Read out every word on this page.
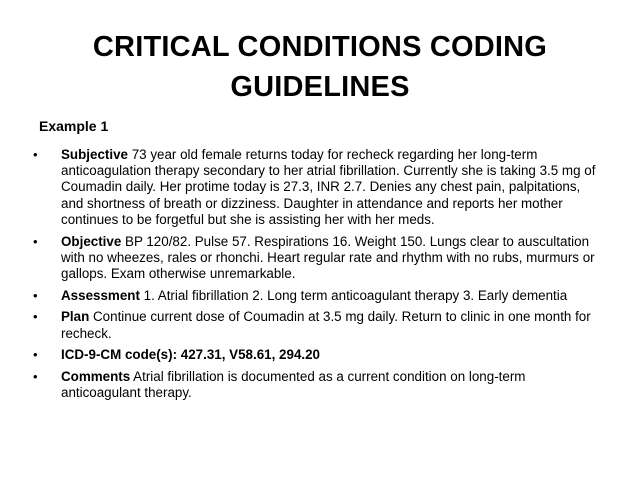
CRITICAL CONDITIONS CODING GUIDELINES
Example 1
• Subjective 73 year old female returns today for recheck regarding her long-term anticoagulation therapy secondary to her atrial fibrillation. Currently she is taking 3.5 mg of Coumadin daily. Her protime today is 27.3, INR 2.7. Denies any chest pain, palpitations, and shortness of breath or dizziness. Daughter in attendance and reports her mother continues to be forgetful but she is assisting her with her meds.
• Objective BP 120/82. Pulse 57. Respirations 16. Weight 150. Lungs clear to auscultation with no wheezes, rales or rhonchi. Heart regular rate and rhythm with no rubs, murmurs or gallops. Exam otherwise unremarkable.
• Assessment 1. Atrial fibrillation 2. Long term anticoagulant therapy 3. Early dementia
• Plan Continue current dose of Coumadin at 3.5 mg daily. Return to clinic in one month for recheck.
• ICD-9-CM code(s): 427.31, V58.61, 294.20
• Comments Atrial fibrillation is documented as a current condition on long-term anticoagulant therapy.
